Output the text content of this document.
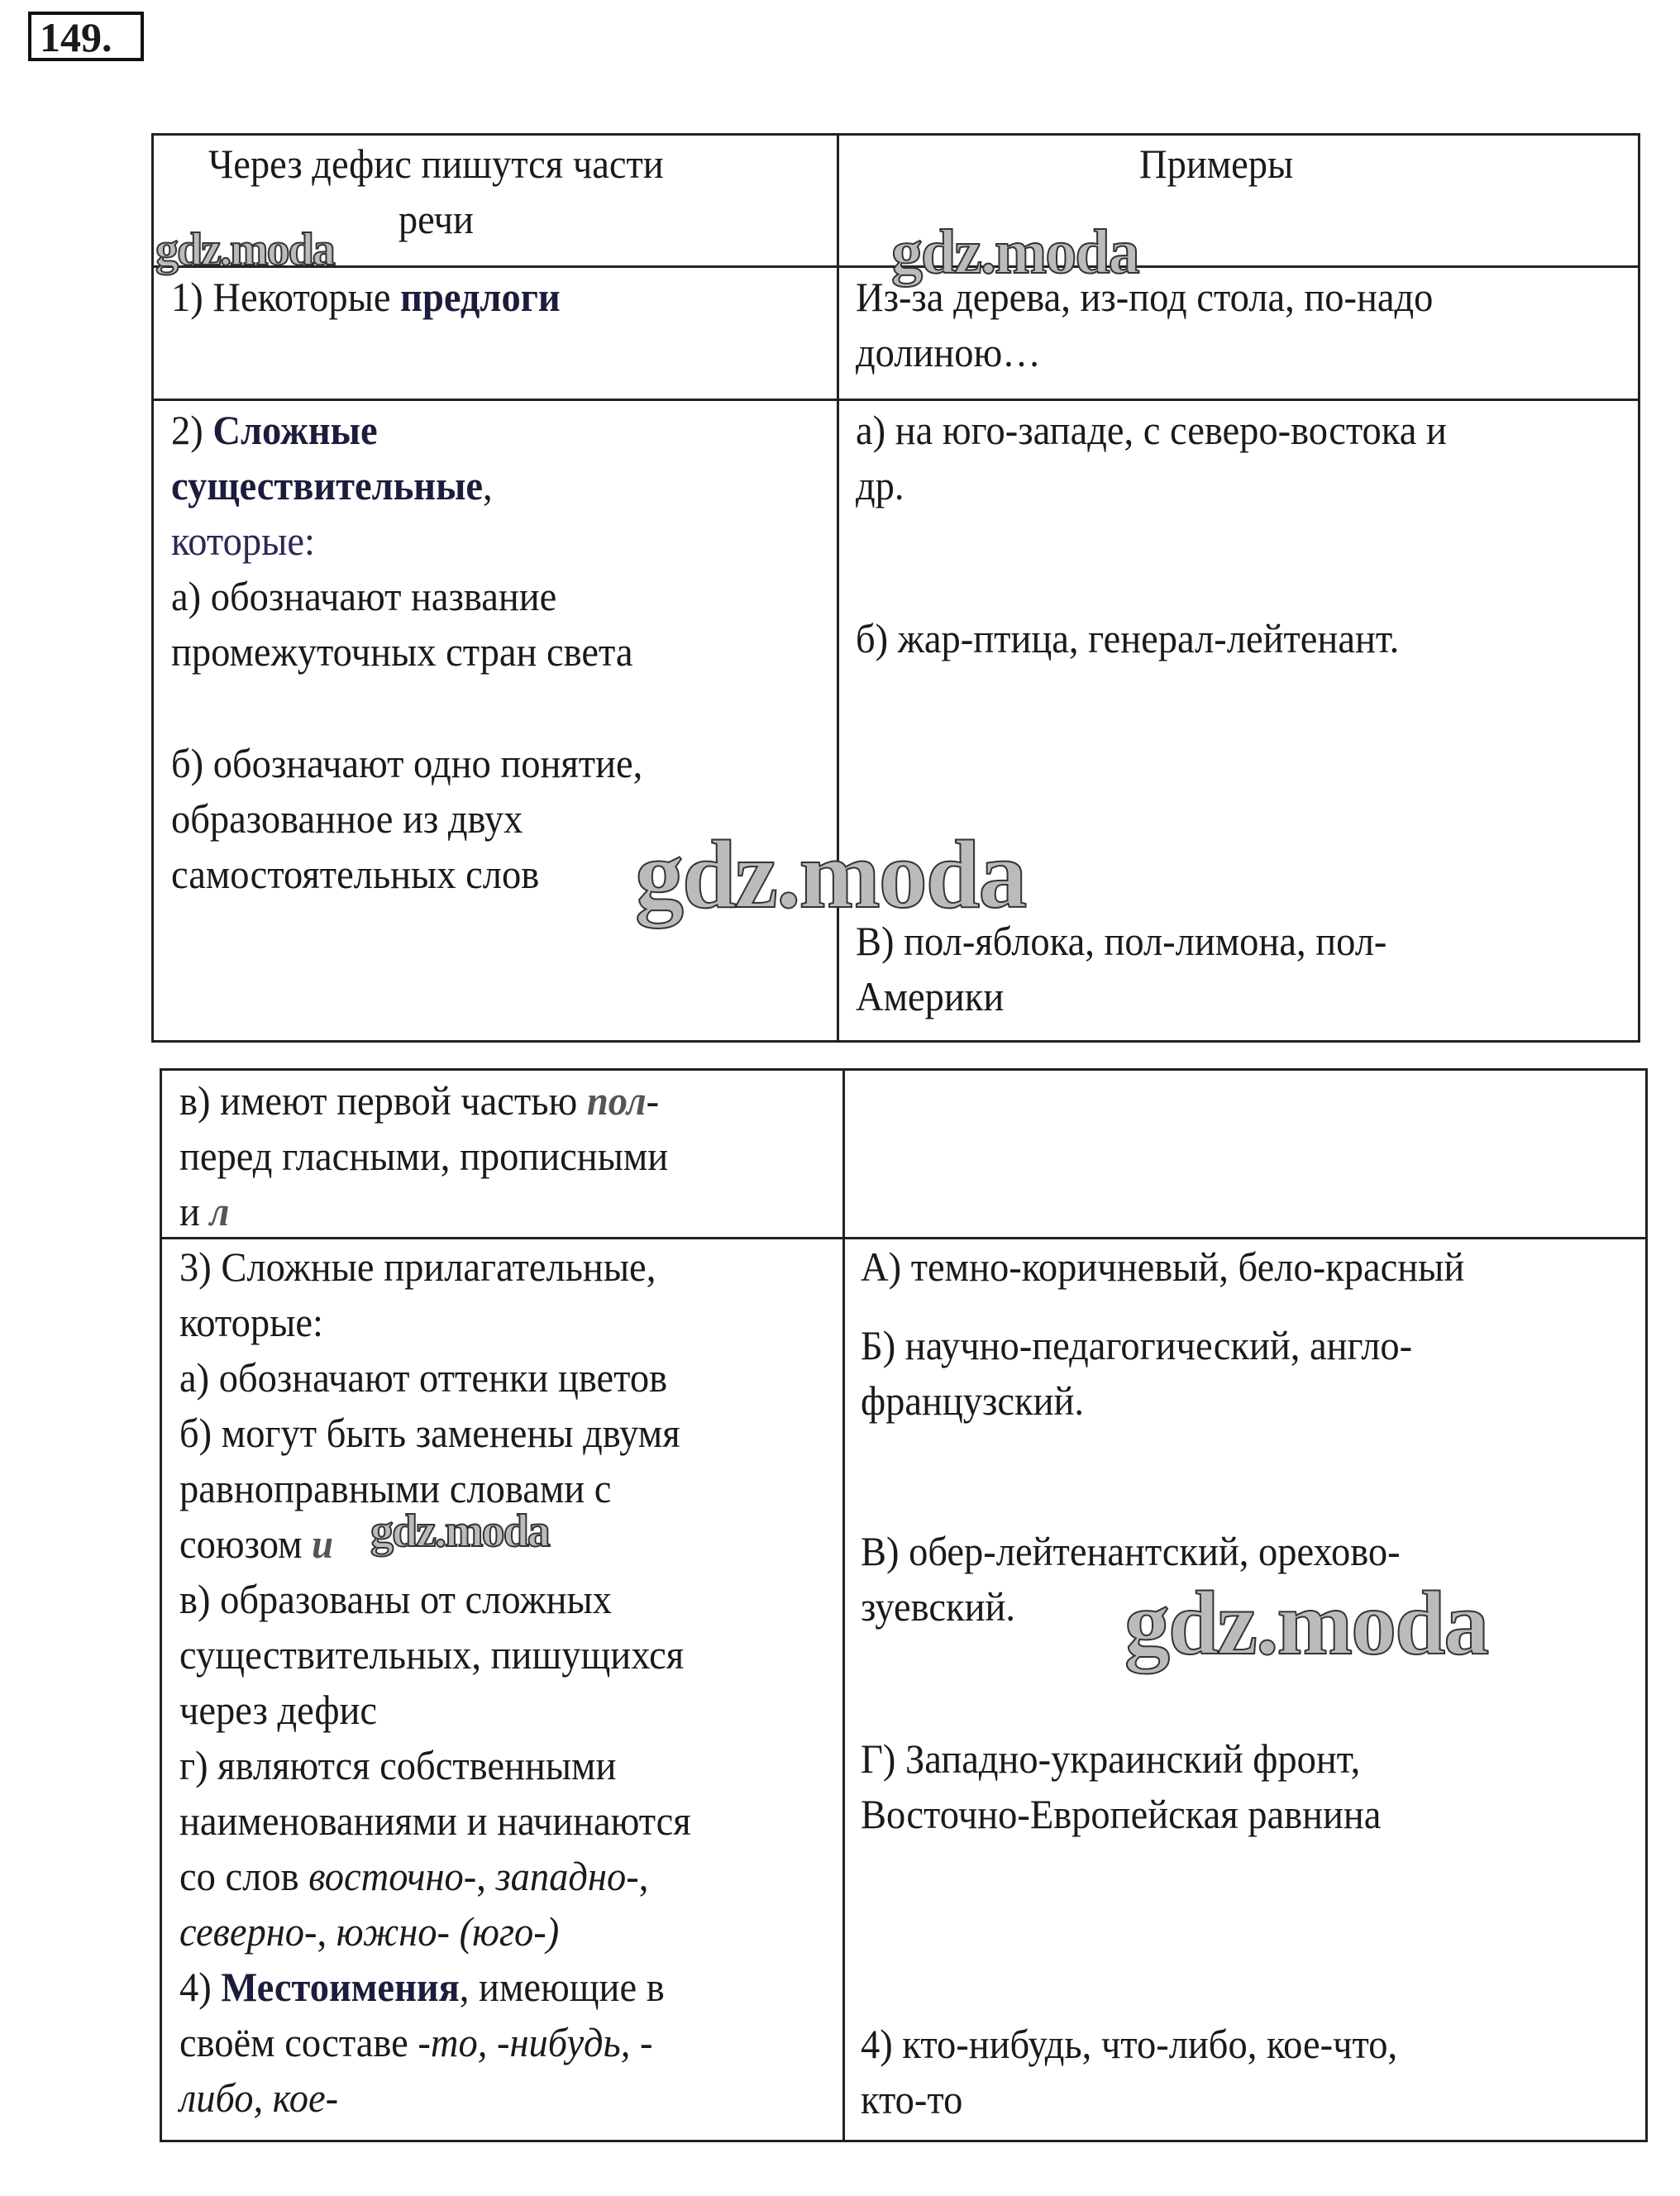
149.
Через дефис пишутся части
речи
Примеры
1) Некоторые предлоги	Из-за дерева, из-под стола, по-надо
долиною…
2) Сложные
существительные,
которые:
а) обозначают название
промежуточных стран света
б) обозначают одно понятие,
образованное из двух
самостоятельных слов
а) на юго-западе, с северо-востока и
др.
б) жар-птица, генерал-лейтенант.
В) пол-яблока, пол-лимона, пол-
Америки
в) имеют первой частью пол-
перед гласными, прописными
и л
3) Сложные прилагательные,
которые:
а) обозначают оттенки цветов
б) могут быть заменены двумя
равноправными словами с
союзом и
в) образованы от сложных
существительных, пишущихся
через дефис
г) являются собственными
наименованиями и начинаются
со слов восточно-, западно-,
северно-, южно- (юго-)
4) Местоимения, имеющие в
своём составе -то, -нибудь, -
либо, кое-
А) темно-коричневый, бело-красный
Б) научно-педагогический, англо-
французский.
В) обер-лейтенантский, орехово-
зуевский.
Г) Западно-украинский фронт,
Восточно-Европейская равнина
4) кто-нибудь, что-либо, кое-что,
кто-то
gdz.moda	gdz.moda
gdz.moda
gdz.moda
gdz.moda
